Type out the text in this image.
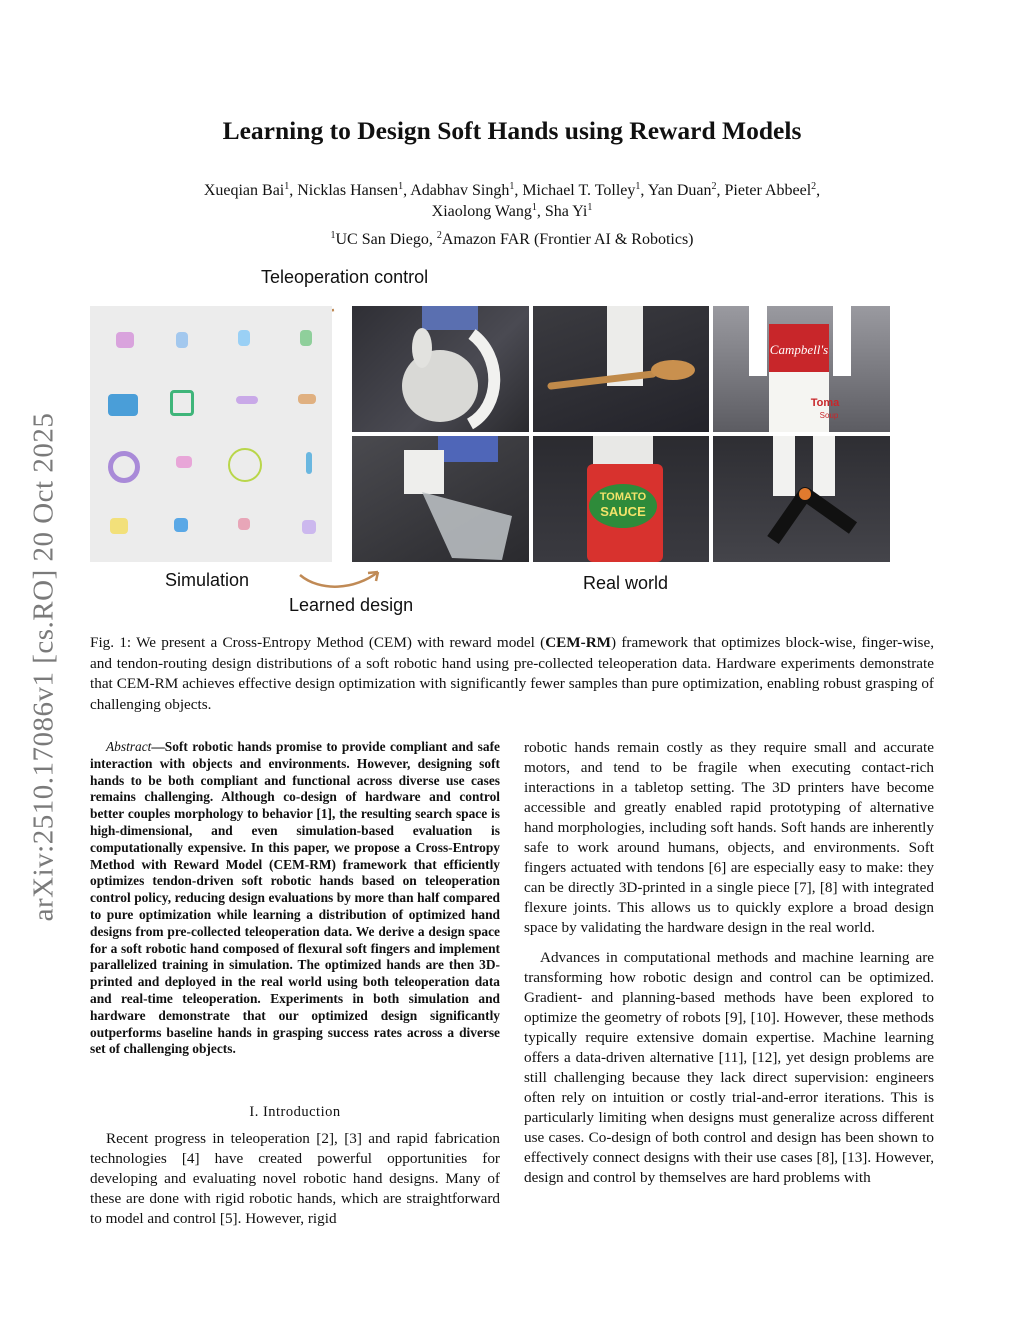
arXiv:2510.17086v1 [cs.RO] 20 Oct 2025
Learning to Design Soft Hands using Reward Models
Xueqian Bai$^1$, Nicklas Hansen$^1$, Adabhav Singh$^1$, Michael T. Tolley$^1$, Yan Duan$^2$, Pieter Abbeel$^2$,
Xiaolong Wang$^1$, Sha Yi$^1$
$^1$UC San Diego, $^2$Amazon FAR (Frontier AI & Robotics)
Teleoperation control
Simulation
Learned design
Real world
Campbell's
Toma
Soup
TOMATO
SAUCE
Fig. 1: We present a Cross-Entropy Method (CEM) with reward model (CEM-RM) framework that optimizes block-wise, finger-wise, and tendon-routing design distributions of a soft robotic hand using pre-collected teleoperation data. Hardware experiments demonstrate that CEM-RM achieves effective design optimization with significantly fewer samples than pure optimization, enabling robust grasping of challenging objects.

Abstract—Soft robotic hands promise to provide compliant and safe interaction with objects and environments. However, designing soft hands to be both compliant and functional across diverse use cases remains challenging. Although co-design of hardware and control better couples morphology to behavior [1], the resulting search space is high-dimensional, and even simulation-based evaluation is computationally expensive. In this paper, we propose a Cross-Entropy Method with Reward Model (CEM-RM) framework that efficiently optimizes tendon-driven soft robotic hands based on teleoperation control policy, reducing design evaluations by more than half compared to pure optimization while learning a distribution of optimized hand designs from pre-collected teleoperation data. We derive a design space for a soft robotic hand composed of flexural soft fingers and implement parallelized training in simulation. The optimized hands are then 3D-printed and deployed in the real world using both teleoperation data and real-time teleoperation. Experiments in both simulation and hardware demonstrate that our optimized design significantly outperforms baseline hands in grasping success rates across a diverse set of challenging objects.

I. Introduction

Recent progress in teleoperation [2], [3] and rapid fabrication technologies [4] have created powerful opportunities for developing and evaluating novel robotic hand designs. Many of these are done with rigid robotic hands, which are straightforward to model and control [5]. However, rigid

robotic hands remain costly as they require small and accurate motors, and tend to be fragile when executing contact-rich interactions in a tabletop setting. The 3D printers have become accessible and greatly enabled rapid prototyping of alternative hand morphologies, including soft hands. Soft hands are inherently safe to work around humans, objects, and environments. Soft fingers actuated with tendons [6] are especially easy to make: they can be directly 3D-printed in a single piece [7], [8] with integrated flexure joints. This allows us to quickly explore a broad design space by validating the hardware design in the real world.

Advances in computational methods and machine learning are transforming how robotic design and control can be optimized. Gradient- and planning-based methods have been explored to optimize the geometry of robots [9], [10]. However, these methods typically require extensive domain expertise. Machine learning offers a data-driven alternative [11], [12], yet design problems are still challenging because they lack direct supervision: engineers often rely on intuition or costly trial-and-error iterations. This is particularly limiting when designs must generalize across different use cases. Co-design of both control and design has been shown to effectively connect designs with their use cases [8], [13]. However, design and control by themselves are hard problems with
